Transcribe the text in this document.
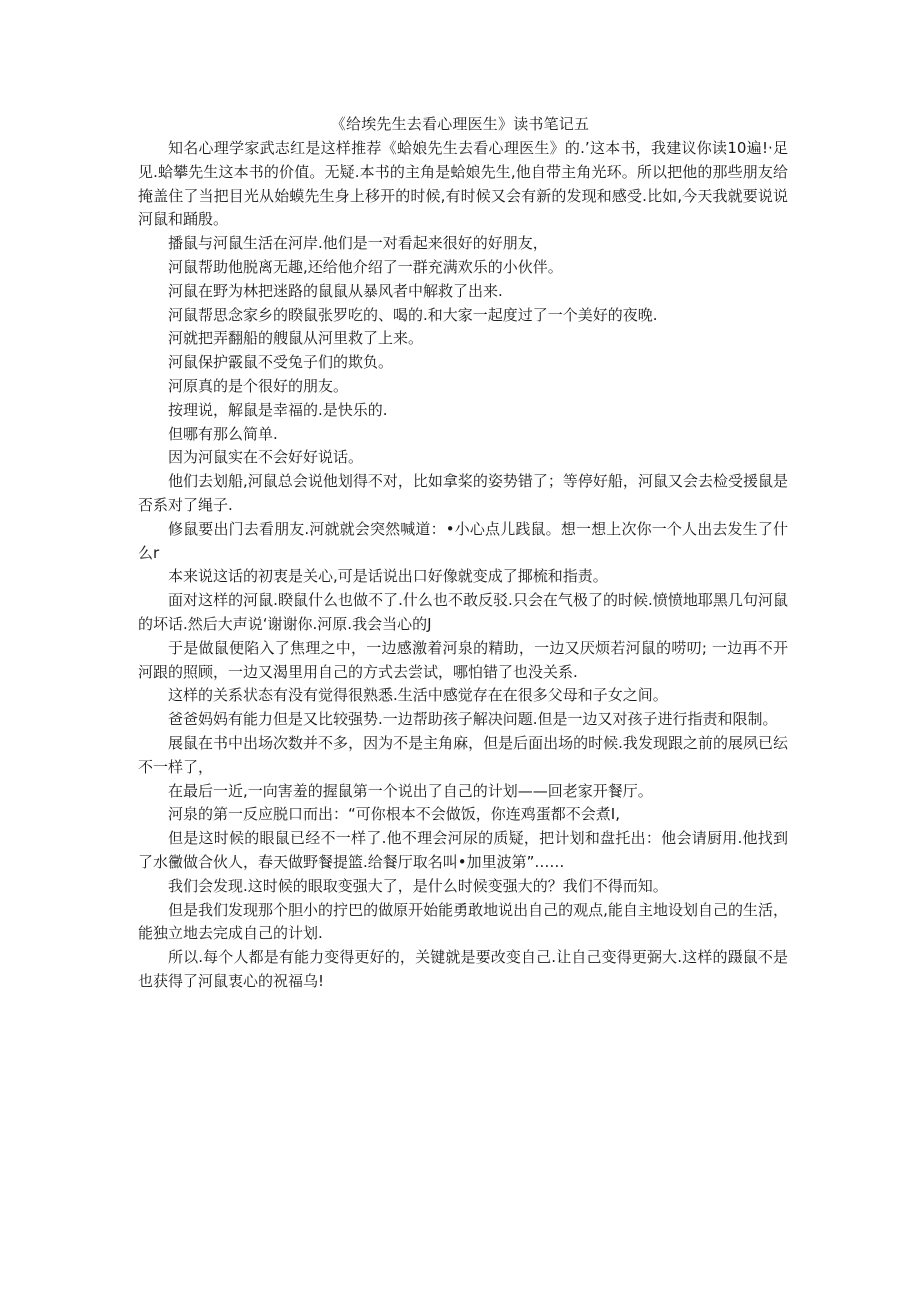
《给埃先生去看心理医生》读书笔记五

知名心理学家武志红是这样推荐《蛤娘先生去看心理医生》的.’这本书，我建议你读10遍!·足见.蛤攀先生这本书的价值。无疑.本书的主角是蛤娘先生,他自带主角光环。所以把他的那些朋友给掩盖住了当把目光从始蟆先生身上移开的时候,有时候又会有新的发现和感受.比如,今天我就要说说河鼠和踊殷。

播鼠与河鼠生活在河岸.他们是一对看起来很好的好朋友，

河鼠帮助他脱离无趣,还给他介绍了一群充满欢乐的小伙伴。

河鼠在野为林把迷路的鼠鼠从暴风者中解救了出来.

河鼠帮思念家乡的睽鼠张罗吃的、喝的.和大家一起度过了一个美好的夜晚.

河就把弄翻船的艘鼠从河里救了上来。

河鼠保护霰鼠不受兔子们的欺负。

河原真的是个很好的朋友。

按理说，解鼠是幸福的.是快乐的.

但哪有那么简单.

因为河鼠实在不会好好说话。

他们去划船,河鼠总会说他划得不对，比如拿桨的姿势错了；等停好船，河鼠又会去检受援鼠是否系对了绳子.

修鼠要出门去看朋友.河就就会突然喊道：•小心点儿践鼠。想一想上次你一个人出去发生了什么r

本来说这话的初衷是关心,可是话说出口好像就变成了揶梳和指责。

面对这样的河鼠.睽鼠什么也做不了.什么也不敢反驳.只会在气极了的时候.愤愤地耶黑几句河鼠的坏话.然后大声说‘谢谢你.河原.我会当心的J

于是做鼠便陷入了焦理之中，一边感激着河泉的精助，一边又厌烦若河鼠的唠叨; 一边再不开河跟的照顾，一边又渴里用自己的方式去尝试，哪怕错了也没关系.

这样的关系状态有没有觉得很熟悉.生活中感觉存在在很多父母和子女之间。

爸爸妈妈有能力但是又比较强势.一边帮助孩子解决问题.但是一边又对孩子进行指责和限制。

展鼠在书中出场次数并不多，因为不是主角麻，但是后面出场的时候.我发现跟之前的展夙已纭不一样了，

在最后一近,一向害羞的握鼠第一个说出了自己的计划——回老家开餐厅。

河泉的第一反应脱口而出：“可你根本不会做饭，你连鸡蛋都不会煮I,

但是这时候的眼鼠已经不一样了.他不理会河尿的质疑，把计划和盘托出：他会请厨用.他找到了水黴做合伙人，春天做野餐提篮.给餐厅取名叫•加里波第”……

我们会发现.这时候的眼取变强大了，是什么时候变强大的？我们不得而知。

但是我们发现那个胆小的拧巴的做原开始能勇敢地说出自己的观点,能自主地设划自己的生活，能独立地去完成自己的计划.

所以.每个人都是有能力变得更好的，关键就是要改变自己.让自己变得更弼大.这样的蹑鼠不是也获得了河鼠衷心的祝福乌!
